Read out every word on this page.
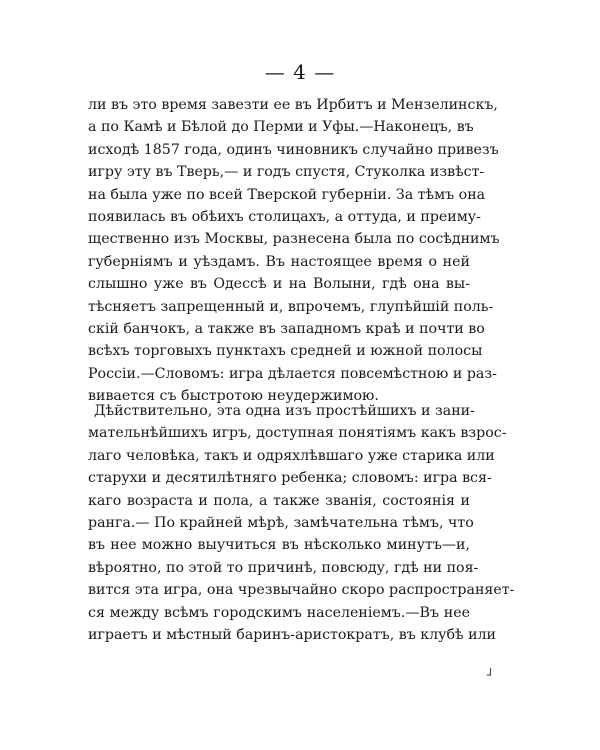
— 4 —
ли въ это время завезти ее въ Ирбитъ и Мензелинскъ,
а по Камѣ и Бѣлой до Перми и Уфы.—Наконецъ, въ
исходѣ 1857 года, одинъ чиновникъ случайно привезъ
игру эту въ Тверь,— и годъ спустя, Стуколка извѣст-
на была уже по всей Тверской губерніи. За тѣмъ она
появилась въ обѣихъ столицахъ, а оттуда, и преиму-
щественно изъ Москвы, разнесена была по сосѣднимъ
губерніямъ и уѣздамъ. Въ настоящее время о ней
слышно уже въ Одессѣ и на Волыни, гдѣ она вы-
тѣсняетъ запрещенный и, впрочемъ, глупѣйшій поль-
скій банчокъ, а также въ западномъ краѣ и почти во
всѣхъ торговыхъ пунктахъ средней и южной полосы
Россіи.—Словомъ: игра дѣлается повсемѣстною и раз-
вивается съ быстротою неудержимою.
Дѣйствительно, эта одна изъ простѣйшихъ и зани-
мательнѣйшихъ игръ, доступная понятіямъ какъ взрос-
лаго человѣка, такъ и одряхлѣвшаго уже старика или
старухи и десятилѣтняго ребенка; словомъ: игра вся-
каго возраста и пола, а также званія, состоянія и
ранга.— По крайней мѣрѣ, замѣчательна тѣмъ, что
въ нее можно выучиться въ нѣсколько минутъ—и,
вѣроятно, по этой то причинѣ, повсюду, гдѣ ни поя-
вится эта игра, она чрезвычайно скоро распространяет-
ся между всѣмъ городскимъ населеніемъ.—Въ нее
играетъ и мѣстный баринъ-аристократъ, въ клубѣ или
┘
